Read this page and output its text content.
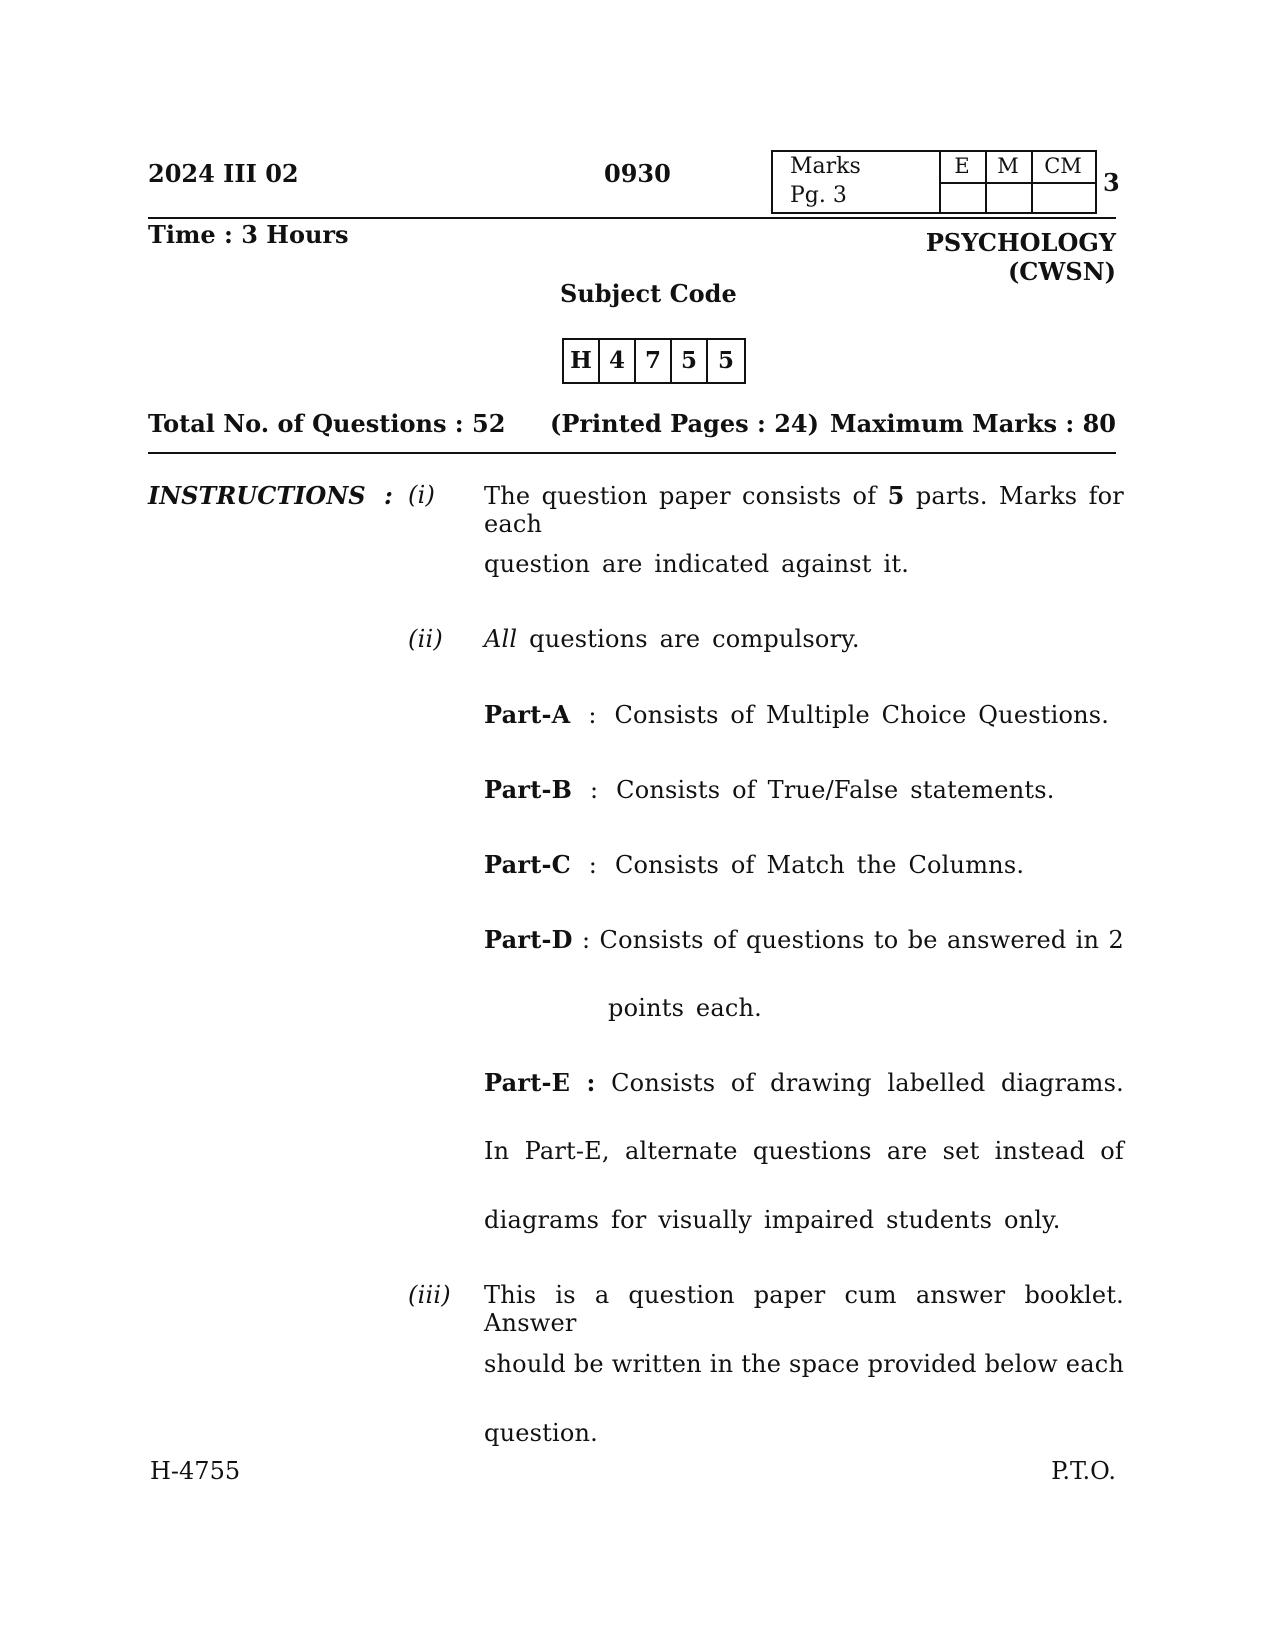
2024 III 02	0930	Marks
Pg. 3
E	M	CM
3
Time : 3 Hours	PSYCHOLOGY (CWSN)
Subject Code
H 4 7 5 5
Total No. of Questions : 52 (Printed Pages : 24) Maximum Marks : 80
INSTRUCTIONS : (i) The question paper consists of 5 parts. Marks for each
question are indicated against it.
(ii) All questions are compulsory.
Part-A : Consists of Multiple Choice Questions.
Part-B : Consists of True/False statements.
Part-C : Consists of Match the Columns.
Part-D : Consists of questions to be answered in 2
points each.
Part-E : Consists of drawing labelled diagrams.
In Part-E, alternate questions are set instead of
diagrams for visually impaired students only.
(iii) This is a question paper cum answer booklet. Answer
should be written in the space provided below each
question.
H-4755	P.T.O.
